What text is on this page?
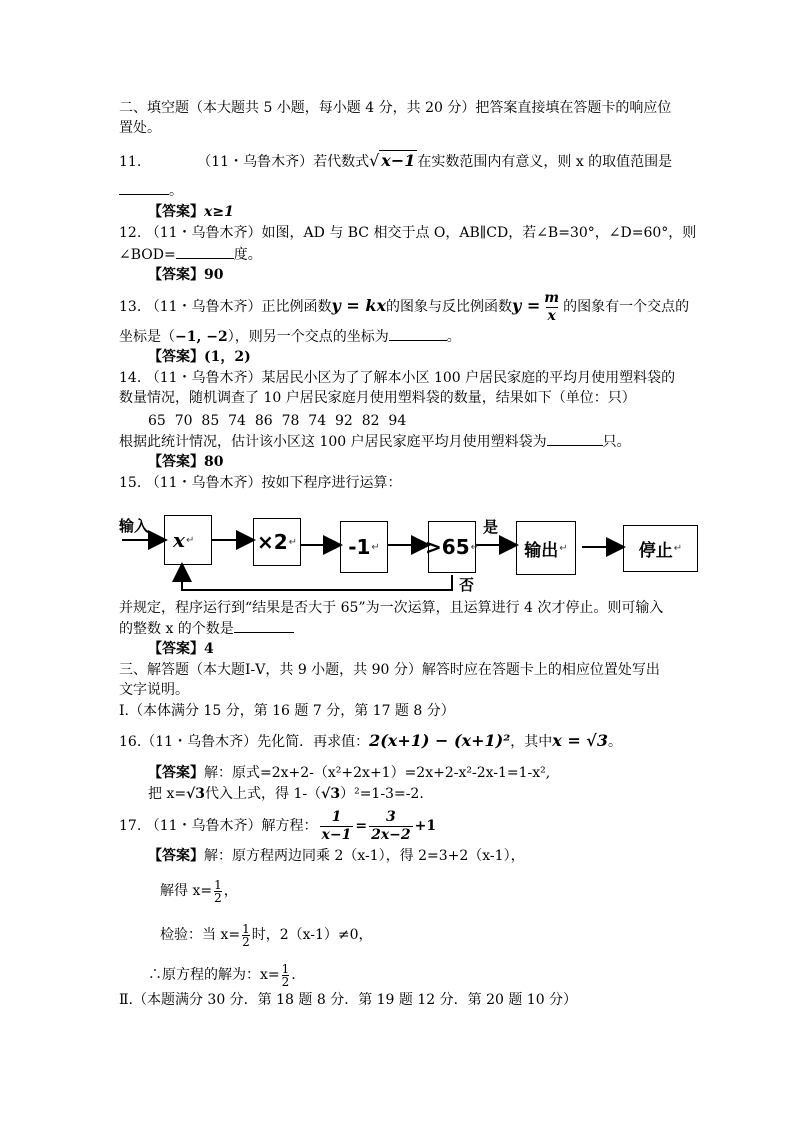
二、填空题（本大题共 5 小题，每小题 4 分，共 20 分）把答案直接填在答题卡的响应位
置处。
11.	（11・乌鲁木齐）若代数式√ x−1 在实数范围内有意义，则 x 的取值范围是
。
【答案】x≥1
12. （11・乌鲁木齐）如图，AD 与 BC 相交于点 O，AB∥CD，若∠B=30°，∠D=60°，则
∠BOD=	度。
【答案】90
13. （11・乌鲁木齐）正比例函数y = kx的图象与反比例函数$y = \frac{m}{x}$ 的图象有一个交点的
坐标是（−1, −2），则另一个交点的坐标为	。
【答案】(1，2)
14. （11・乌鲁木齐）某居民小区为了了解本小区 100 户居民家庭的平均月使用塑料袋的
数量情况，随机调查了 10 户居民家庭月使用塑料袋的数量，结果如下（单位：只）
65  70  85  74  86  78  74  92  82  94
根据此统计情况，估计该小区这 100 户居民家庭平均月使用塑料袋为	只。
【答案】80
15. （11・乌鲁木齐）按如下程序进行运算：
输入
x ↵	×2 ↵	-1 ↵ >65 ↵
是
否
输出 ↵	停止 ↵
并规定，程序运行到“结果是否大于 65”为一次运算，且运算进行 4 次才停止。则可输入
的整数 x 的个数是
【答案】4
三、解答题（本大题Ⅰ-Ⅴ，共 9 小题，共 90 分）解答时应在答题卡上的相应位置处写出
文字说明。
Ⅰ.（本体满分 15 分，第 16 题 7 分，第 17 题 8 分）
16.（11・乌鲁木齐）先化简．再求值：2(x+1) − (x+1)²，其中x = √3。
【答案】解：原式=2x+2-（x²+2x+1）=2x+2-x²-2x-1=1-x²,
把 x=√3代入上式，得 1-（√3）²=1-3=-2.
17. （11・乌鲁木齐）解方程： $\frac{1}{x-1} = \frac{3}{2x-2} +1$
【答案】解：原方程两边同乘 2（x-1），得 2=3+2（x-1），
解得 $x= \frac{1}{2}$ ，
检验：当 $x= \frac{1}{2}$ 时，2（x-1）≠0，
∴原方程的解为：$x= \frac{1}{2}$ .
Ⅱ.（本题满分 30 分．第 18 题 8 分．第 19 题 12 分．第 20 题 10 分）
